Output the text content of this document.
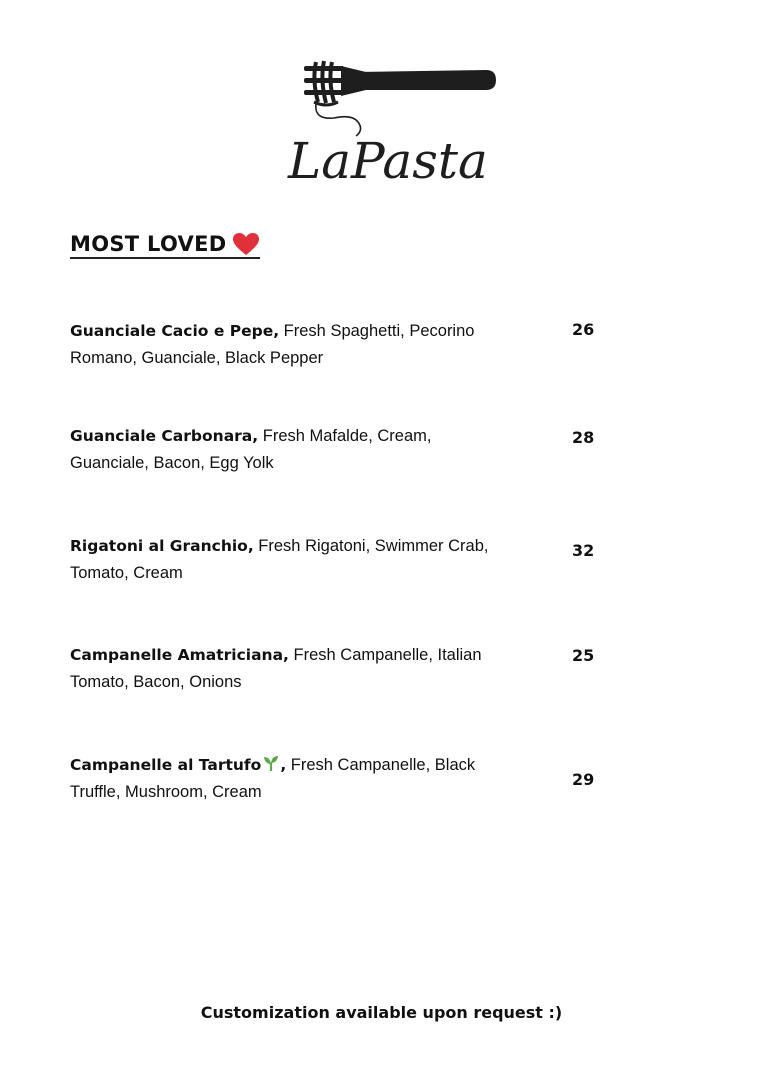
LaPasta
MOST LOVED
Guanciale Cacio e Pepe, Fresh Spaghetti, Pecorino Romano, Guanciale, Black Pepper
26
Guanciale Carbonara, Fresh Mafalde, Cream, Guanciale, Bacon, Egg Yolk
28
Rigatoni al Granchio, Fresh Rigatoni, Swimmer Crab, Tomato, Cream
32
Campanelle Amatriciana, Fresh Campanelle, Italian Tomato, Bacon, Onions
25
Campanelle al Tartufo , Fresh Campanelle, Black Truffle, Mushroom, Cream
29
Customization available upon request :)
